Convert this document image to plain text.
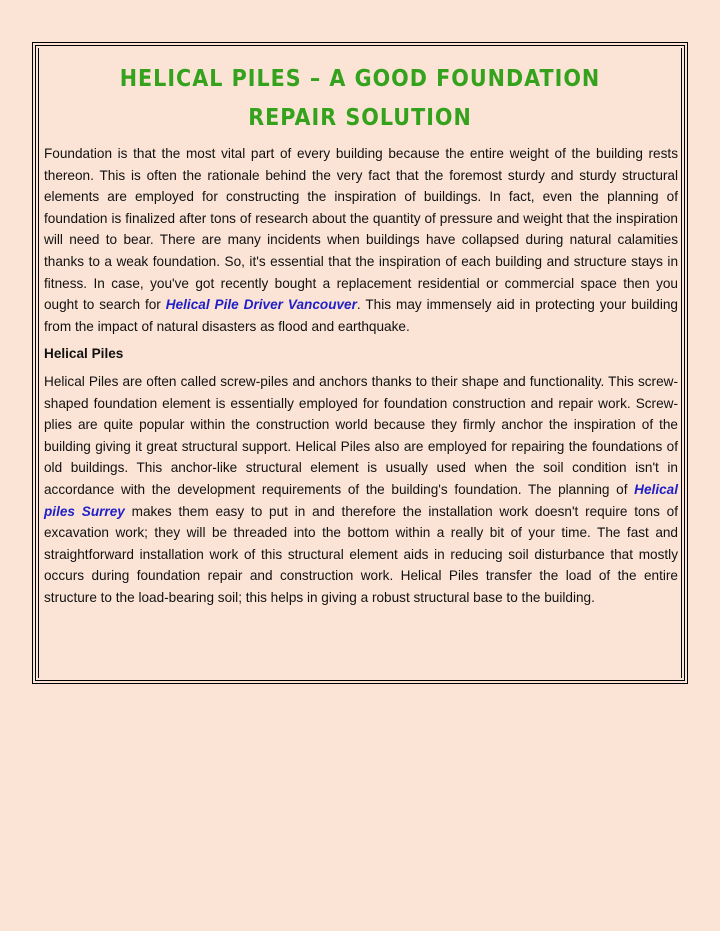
HELICAL PILES – A GOOD FOUNDATION REPAIR SOLUTION

Foundation is that the most vital part of every building because the entire weight of the building rests thereon. This is often the rationale behind the very fact that the foremost sturdy and sturdy structural elements are employed for constructing the inspiration of buildings. In fact, even the planning of foundation is finalized after tons of research about the quantity of pressure and weight that the inspiration will need to bear. There are many incidents when buildings have collapsed during natural calamities thanks to a weak foundation. So, it's essential that the inspiration of each building and structure stays in fitness. In case, you've got recently bought a replacement residential or commercial space then you ought to search for Helical Pile Driver Vancouver. This may immensely aid in protecting your building from the impact of natural disasters as flood and earthquake.

Helical Piles

Helical Piles are often called screw-piles and anchors thanks to their shape and functionality. This screw-shaped foundation element is essentially employed for foundation construction and repair work. Screw-plies are quite popular within the construction world because they firmly anchor the inspiration of the building giving it great structural support. Helical Piles also are employed for repairing the foundations of old buildings. This anchor-like structural element is usually used when the soil condition isn't in accordance with the development requirements of the building's foundation. The planning of Helical piles Surrey makes them easy to put in and therefore the installation work doesn't require tons of excavation work; they will be threaded into the bottom within a really bit of your time. The fast and straightforward installation work of this structural element aids in reducing soil disturbance that mostly occurs during foundation repair and construction work. Helical Piles transfer the load of the entire structure to the load-bearing soil; this helps in giving a robust structural base to the building.
